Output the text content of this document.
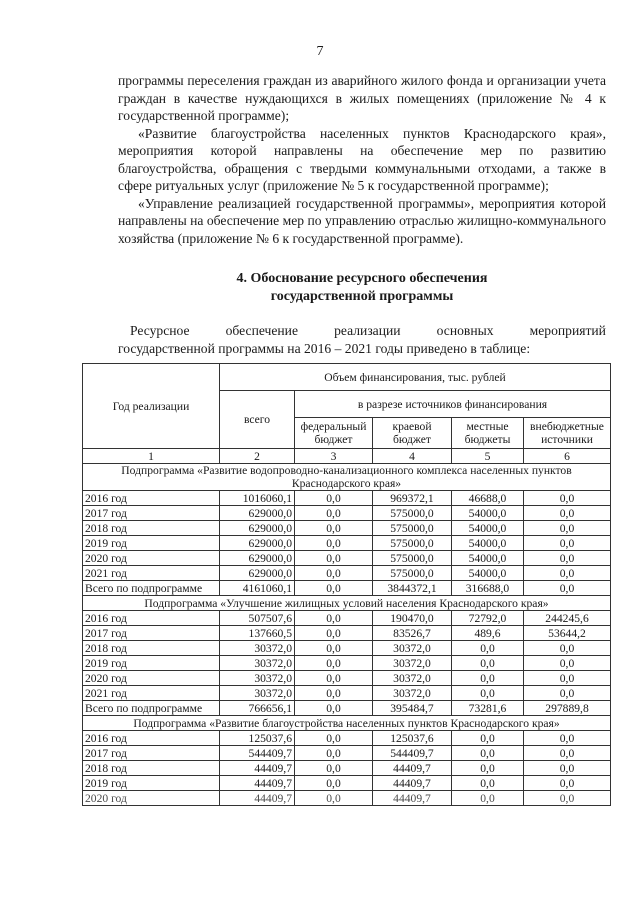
7

программы переселения граждан из аварийного жилого фонда и организации учета граждан в качестве нуждающихся в жилых помещениях (приложение № 4 к государственной программе);

«Развитие благоустройства населенных пунктов Краснодарского края», мероприятия которой направлены на обеспечение мер по развитию благоустройства, обращения с твердыми коммунальными отходами, а также в сфере ритуальных услуг (приложение № 5 к государственной программе);

«Управление реализацией государственной программы», мероприятия которой направлены на обеспечение мер по управлению отраслью жилищно-коммунального хозяйства (приложение № 6 к государственной программе).

4. Обоснование ресурсного обеспечения
государственной программы
Ресурсное	обеспечение	реализации	основных	мероприятий
государственной программы на 2016 – 2021 годы приведено в таблице:
Год реализации	Объем финансирования, тыс. рублей				
	всего	в разрезе источников финансирования			
		федеральный бюджет	краевой бюджет	местные бюджеты	внебюджетные источники
1	2	3	4	5	6
Подпрограмма «Развитие водопроводно-канализационного комплекса населенных пунктов Краснодарского края»					
2016 год	1016060,1	0,0	969372,1	46688,0	0,0
2017 год	629000,0	0,0	575000,0	54000,0	0,0
2018 год	629000,0	0,0	575000,0	54000,0	0,0
2019 год	629000,0	0,0	575000,0	54000,0	0,0
2020 год	629000,0	0,0	575000,0	54000,0	0,0
2021 год	629000,0	0,0	575000,0	54000,0	0,0
Всего по подпрограмме	4161060,1	0,0	3844372,1	316688,0	0,0
Подпрограмма «Улучшение жилищных условий населения Краснодарского края»					
2016 год	507507,6	0,0	190470,0	72792,0	244245,6
2017 год	137660,5	0,0	83526,7	489,6	53644,2
2018 год	30372,0	0,0	30372,0	0,0	0,0
2019 год	30372,0	0,0	30372,0	0,0	0,0
2020 год	30372,0	0,0	30372,0	0,0	0,0
2021 год	30372,0	0,0	30372,0	0,0	0,0
Всего по подпрограмме	766656,1	0,0	395484,7	73281,6	297889,8
Подпрограмма «Развитие благоустройства населенных пунктов Краснодарского края»					
2016 год	125037,6	0,0	125037,6	0,0	0,0
2017 год	544409,7	0,0	544409,7	0,0	0,0
2018 год	44409,7	0,0	44409,7	0,0	0,0
2019 год	44409,7	0,0	44409,7	0,0	0,0
2020 год	44409,7	0,0	44409,7	0,0	0,0
